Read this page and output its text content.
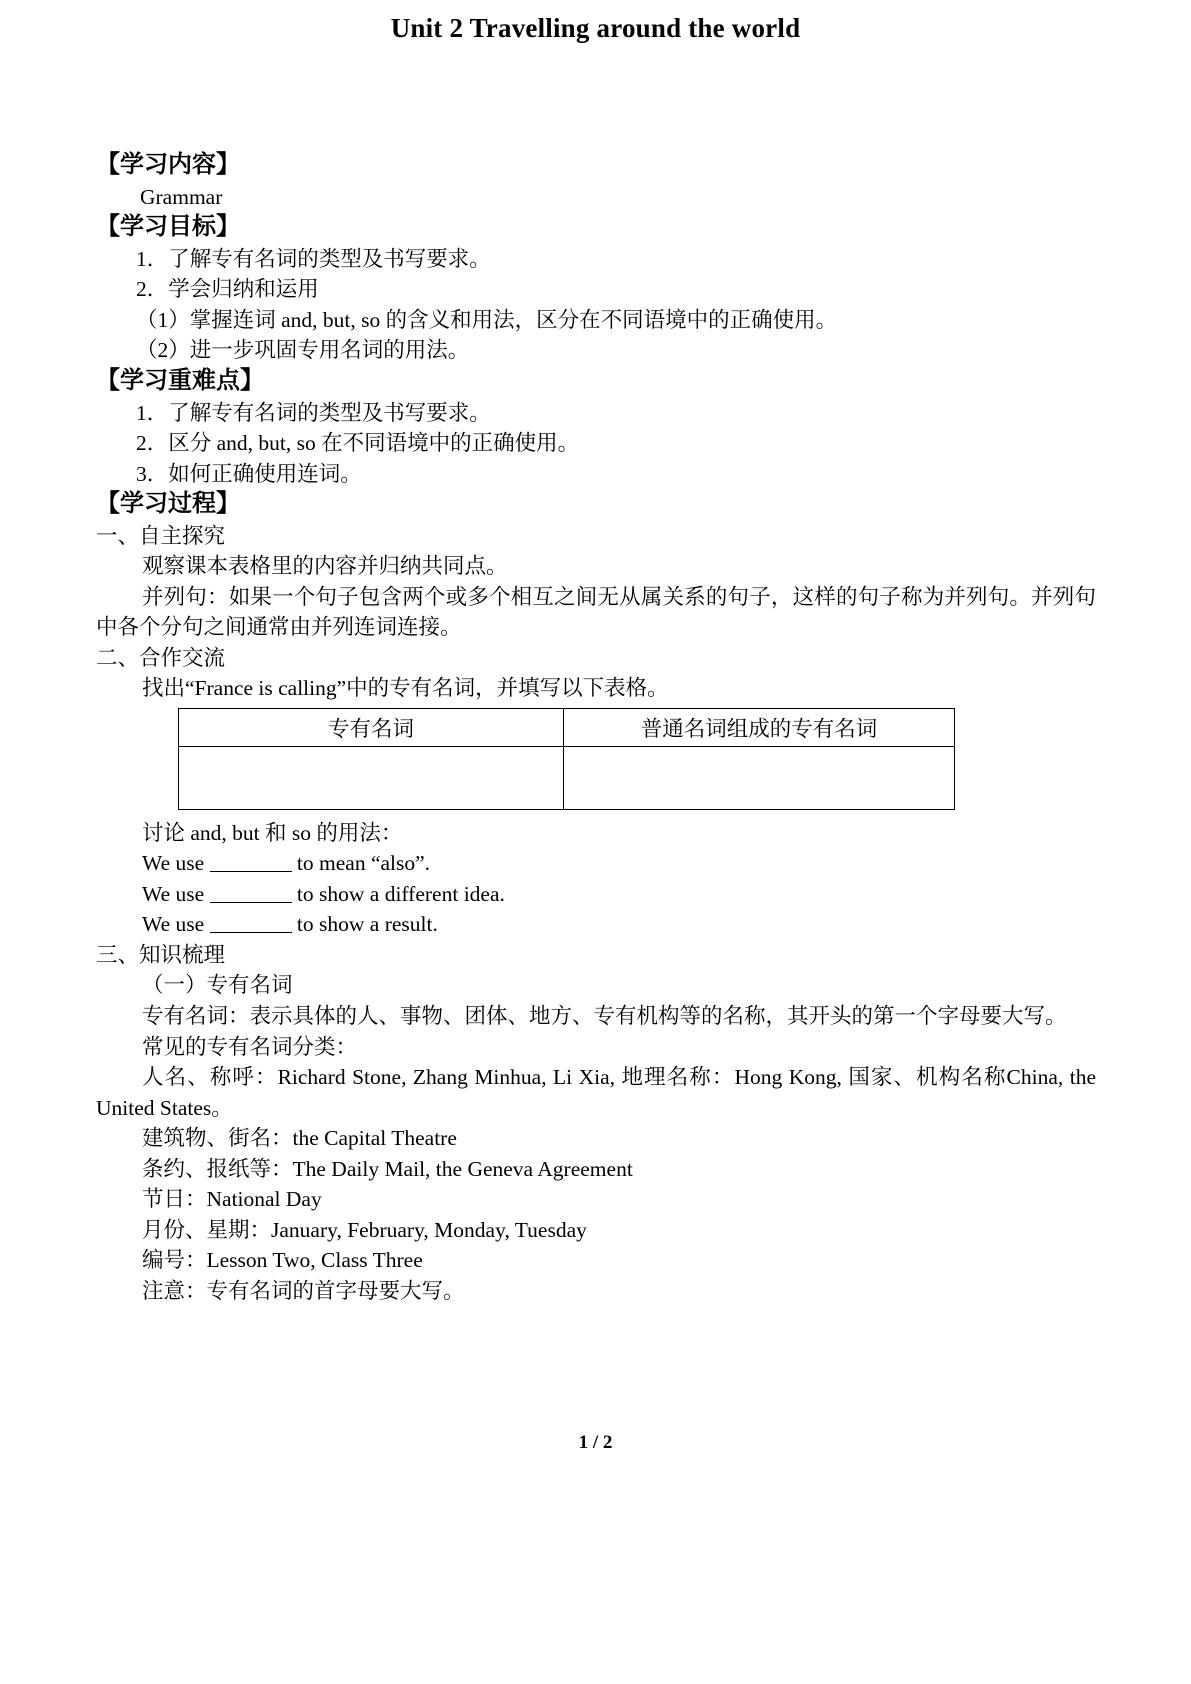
Unit 2 Travelling around the world
【学习内容】
Grammar
【学习目标】
1．了解专有名词的类型及书写要求。
2．学会归纳和运用
（1）掌握连词 and, but, so 的含义和用法，区分在不同语境中的正确使用。
（2）进一步巩固专用名词的用法。
【学习重难点】
1．了解专有名词的类型及书写要求。
2．区分 and, but, so 在不同语境中的正确使用。
3．如何正确使用连词。
【学习过程】
一、自主探究
观察课本表格里的内容并归纳共同点。
并列句：如果一个句子包含两个或多个相互之间无从属关系的句子，这样的句子称为并列句。并列句中各个分句之间通常由并列连词连接。
二、合作交流
找出“France is calling”中的专有名词，并填写以下表格。
专有名词	普通名词组成的专有名词

讨论 and, but 和 so 的用法：
We use	to mean “also”.
We use	to show a different idea.
We use	to show a result.
三、知识梳理
（一）专有名词
专有名词：表示具体的人、事物、团体、地方、专有机构等的名称，其开头的第一个字母要大写。
常见的专有名词分类：
人名、称呼：Richard Stone, Zhang Minhua, Li Xia, 地理名称：Hong Kong, 国家、机构名称China, the United States。
建筑物、街名：the Capital Theatre
条约、报纸等：The Daily Mail, the Geneva Agreement
节日：National Day
月份、星期：January, February, Monday, Tuesday
编号：Lesson Two, Class Three
注意：专有名词的首字母要大写。
1 / 2
